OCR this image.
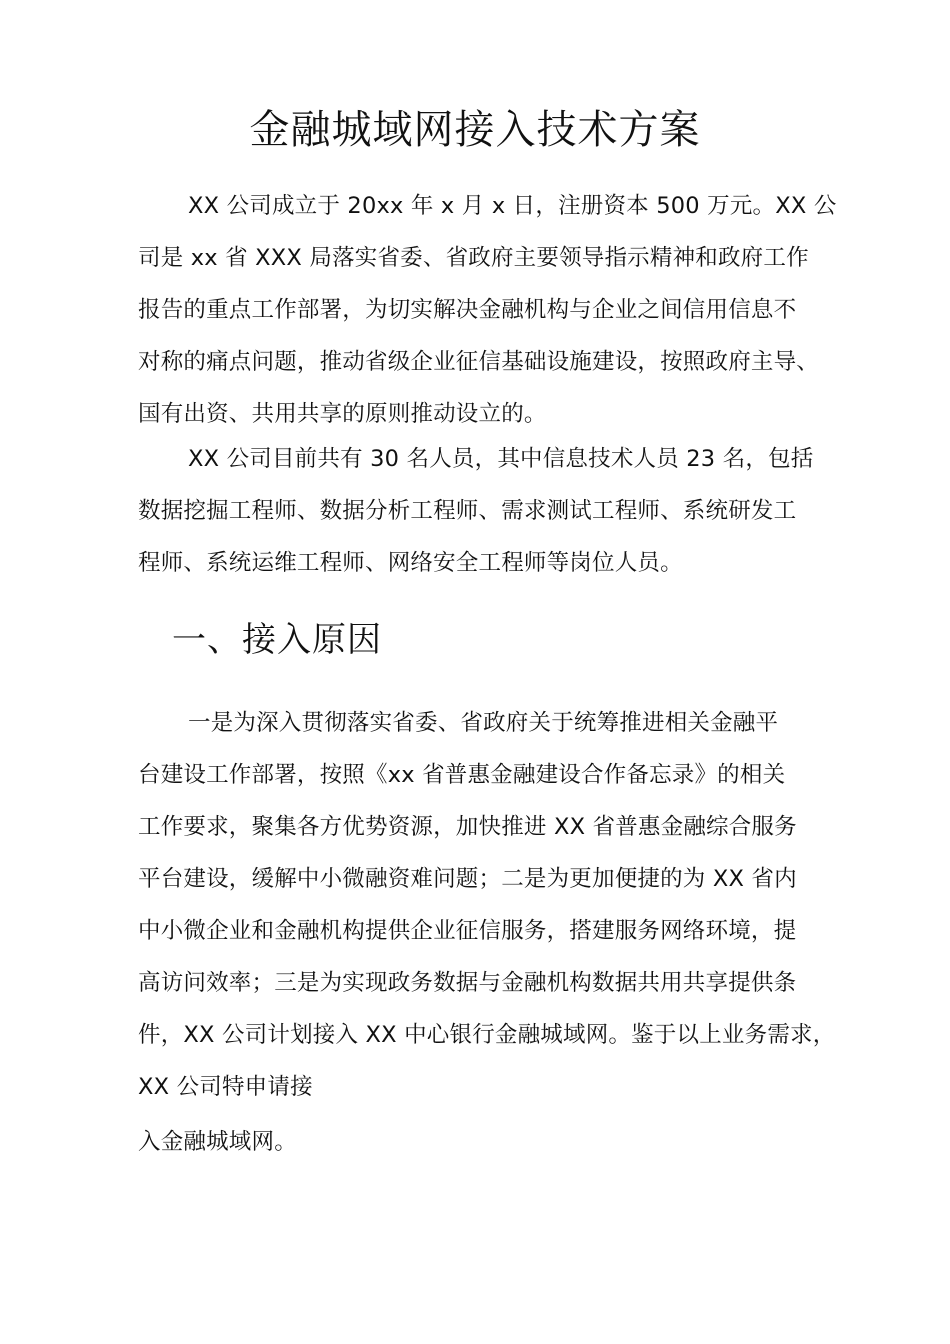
金融城域网接入技术方案
XX 公司成立于 20xx 年 x 月 x 日，注册资本 500 万元。XX 公
司是 xx 省 XXX 局落实省委、省政府主要领导指示精神和政府工作
报告的重点工作部署，为切实解决金融机构与企业之间信用信息不
对称的痛点问题，推动省级企业征信基础设施建设，按照政府主导、
国有出资、共用共享的原则推动设立的。
XX 公司目前共有 30 名人员，其中信息技术人员 23 名，包括
数据挖掘工程师、数据分析工程师、需求测试工程师、系统研发工
程师、系统运维工程师、网络安全工程师等岗位人员。
一、接入原因
一是为深入贯彻落实省委、省政府关于统筹推进相关金融平
台建设工作部署，按照《xx 省普惠金融建设合作备忘录》的相关
工作要求，聚集各方优势资源，加快推进 XX 省普惠金融综合服务
平台建设，缓解中小微融资难问题；二是为更加便捷的为 XX 省内
中小微企业和金融机构提供企业征信服务，搭建服务网络环境，提
高访问效率；三是为实现政务数据与金融机构数据共用共享提供条
件，XX 公司计划接入 XX 中心银行金融城域网。鉴于以上业务需求，
XX 公司特申请接
入金融城域网。
